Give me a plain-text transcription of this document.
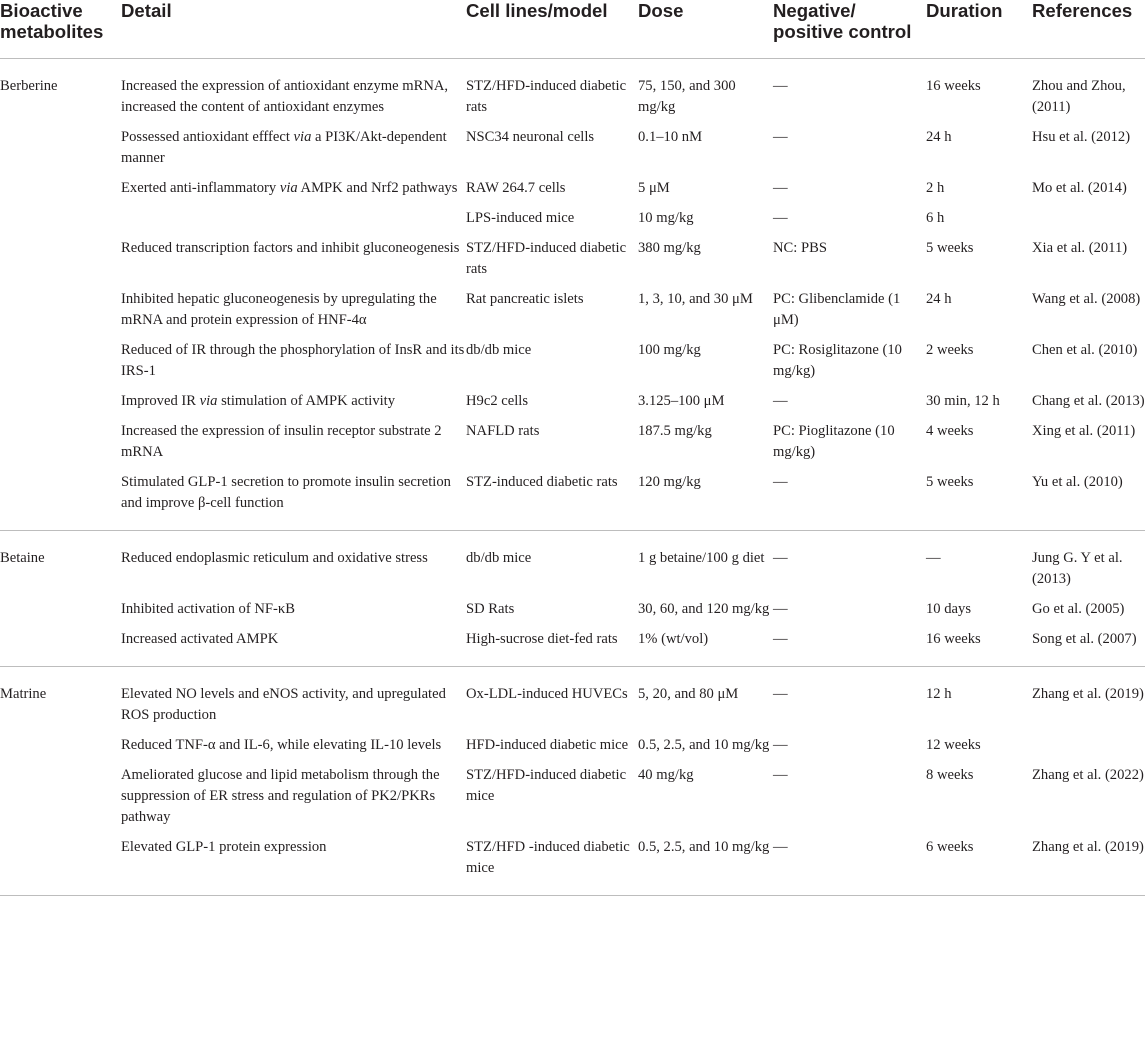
Bioactive metabolites	Detail	Cell lines/model	Dose	Negative/ positive control	Duration	References
Berberine	Increased the expression of antioxidant enzyme mRNA, increased the content of antioxidant enzymes	STZ/HFD-induced diabetic rats	75, 150, and 300 mg/kg	—	16 weeks	Zhou and Zhou, (2011)
	Possessed antioxidant efffect via a PI3K/Akt-dependent manner	NSC34 neuronal cells	0.1–10 nM	—	24 h	Hsu et al. (2012)
	Exerted anti-inflammatory via AMPK and Nrf2 pathways	RAW 264.7 cells	5 μM	—	2 h	Mo et al. (2014)
		LPS-induced mice	10 mg/kg	—	6 h	
	Reduced transcription factors and inhibit gluconeogenesis	STZ/HFD-induced diabetic rats	380 mg/kg	NC: PBS	5 weeks	Xia et al. (2011)
	Inhibited hepatic gluconeogenesis by upregulating the mRNA and protein expression of HNF-4α	Rat pancreatic islets	1, 3, 10, and 30 μM	PC: Glibenclamide (1 μM)	24 h	Wang et al. (2008)
	Reduced of IR through the phosphorylation of InsR and its IRS-1	db/db mice	100 mg/kg	PC: Rosiglitazone (10 mg/kg)	2 weeks	Chen et al. (2010)
	Improved IR via stimulation of AMPK activity	H9c2 cells	3.125–100 μM	—	30 min, 12 h	Chang et al. (2013)
	Increased the expression of insulin receptor substrate 2 mRNA	NAFLD rats	187.5 mg/kg	PC: Pioglitazone (10 mg/kg)	4 weeks	Xing et al. (2011)
	Stimulated GLP-1 secretion to promote insulin secretion and improve β-cell function	STZ-induced diabetic rats	120 mg/kg	—	5 weeks	Yu et al. (2010)
Betaine	Reduced endoplasmic reticulum and oxidative stress	db/db mice	1 g betaine/100 g diet	—	—	Jung G. Y et al. (2013)
	Inhibited activation of NF-κB	SD Rats	30, 60, and 120 mg/kg	—	10 days	Go et al. (2005)
	Increased activated AMPK	High-sucrose diet-fed rats	1% (wt/vol)	—	16 weeks	Song et al. (2007)
Matrine	Elevated NO levels and eNOS activity, and upregulated ROS production	Ox-LDL-induced HUVECs	5, 20, and 80 μM	—	12 h	Zhang et al. (2019)
	Reduced TNF-α and IL-6, while elevating IL-10 levels	HFD-induced diabetic mice	0.5, 2.5, and 10 mg/kg	—	12 weeks	
	Ameliorated glucose and lipid metabolism through the suppression of ER stress and regulation of PK2/PKRs pathway	STZ/HFD-induced diabetic mice	40 mg/kg	—	8 weeks	Zhang et al. (2022)
	Elevated GLP-1 protein expression	STZ/HFD -induced diabetic mice	0.5, 2.5, and 10 mg/kg	—	6 weeks	Zhang et al. (2019)
